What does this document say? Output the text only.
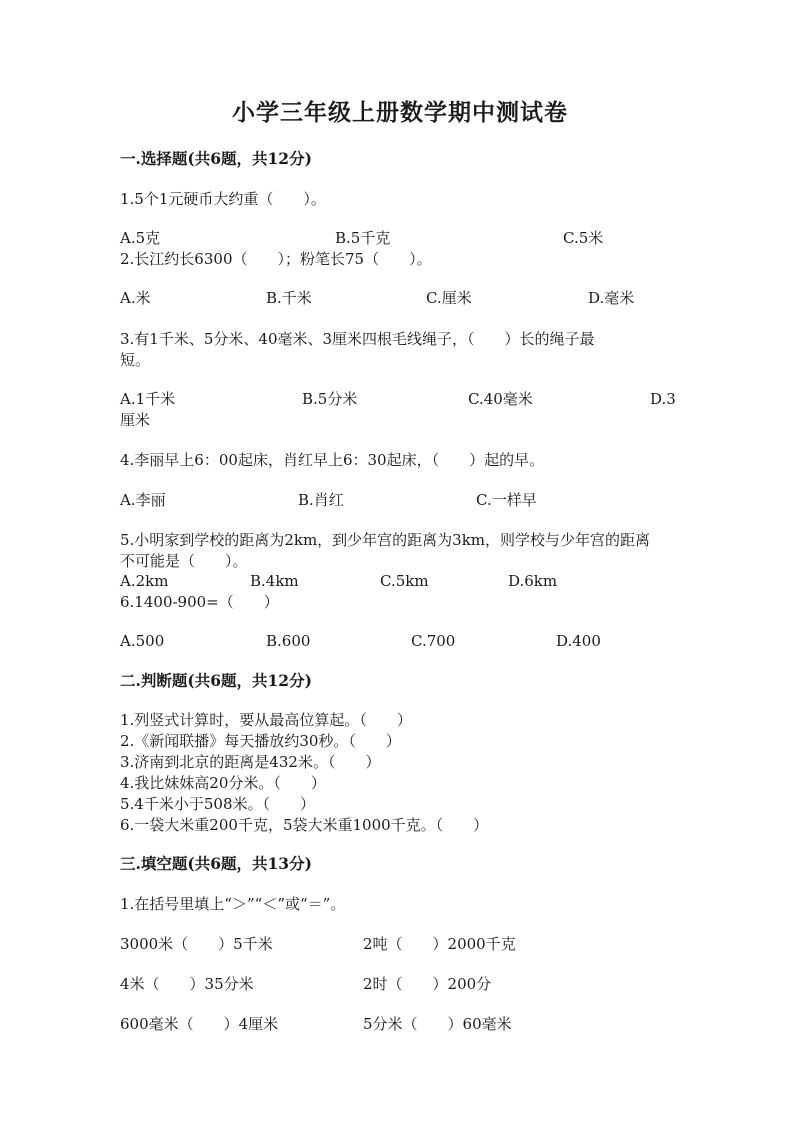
小学三年级上册数学期中测试卷
一.选择题(共6题，共12分)
1.5个1元硬币大约重（　　）。
A.5克	B.5千克	C.5米
2.长江约长6300（　　）；粉笔长75（　　）。
A.米	B.千米	C.厘米	D.毫米
3.有1千米、5分米、40毫米、3厘米四根毛线绳子，（　　）长的绳子最
短。
A.1千米	B.5分米	C.40毫米	D.3
厘米
4.李丽早上6：00起床，肖红早上6：30起床，（　　）起的早。
A.李丽	B.肖红	C.一样早
5.小明家到学校的距离为2km，到少年宫的距离为3km，则学校与少年宫的距离
不可能是（　　）。
A.2km	B.4km	C.5km	D.6km
6.1400-900=（　　）
A.500	B.600	C.700	D.400
二.判断题(共6题，共12分)
1.列竖式计算时，要从最高位算起。（　　）
2.《新闻联播》每天播放约30秒。（　　）
3.济南到北京的距离是432米。（　　）
4.我比妹妹高20分米。（　　）
5.4千米小于508米。（　　）
6.一袋大米重200千克，5袋大米重1000千克。（　　）
三.填空题(共6题，共13分)
1.在括号里填上“＞”“＜”或“＝”。
3000米（　　）5千米	2吨（　　）2000千克
4米（　　）35分米	2时（　　）200分
600毫米（　　）4厘米	5分米（　　）60毫米
